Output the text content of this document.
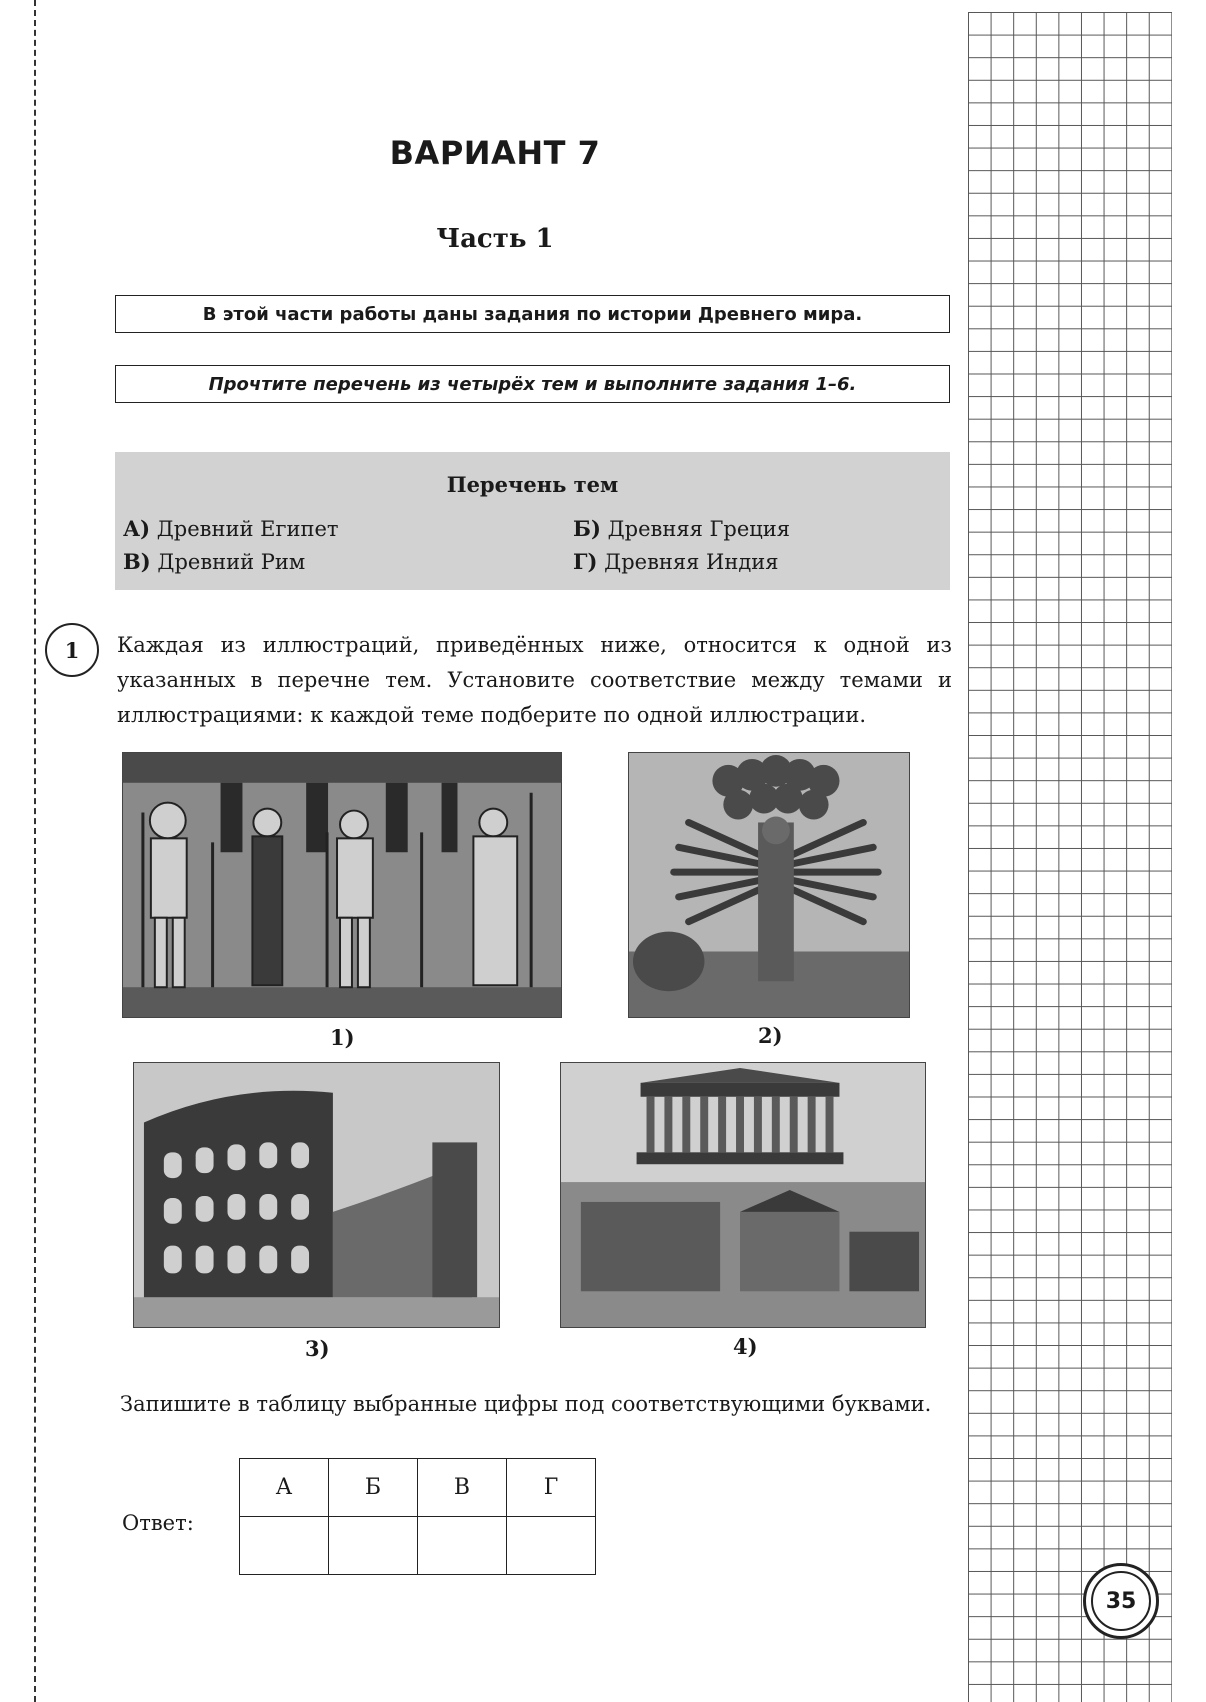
35
ВАРИАНТ 7
Часть 1
В этой части работы даны задания по истории Древнего мира.
Прочтите перечень из четырёх тем и выполните задания 1–6.
Перечень тем
А) Древний Египет	Б) Древняя Греция
В) Древний Рим	Г) Древняя Индия
1	Каждая из иллюстраций, приведённых ниже, относится к одной из указанных в перечне тем. Установите соответствие между темами и иллюстрациями: к каждой теме подберите по одной иллюстрации.
1)	2)
3)	4)
Запишите в таблицу выбранные цифры под соответствующими буквами.
Ответ:
А	Б	В	Г
